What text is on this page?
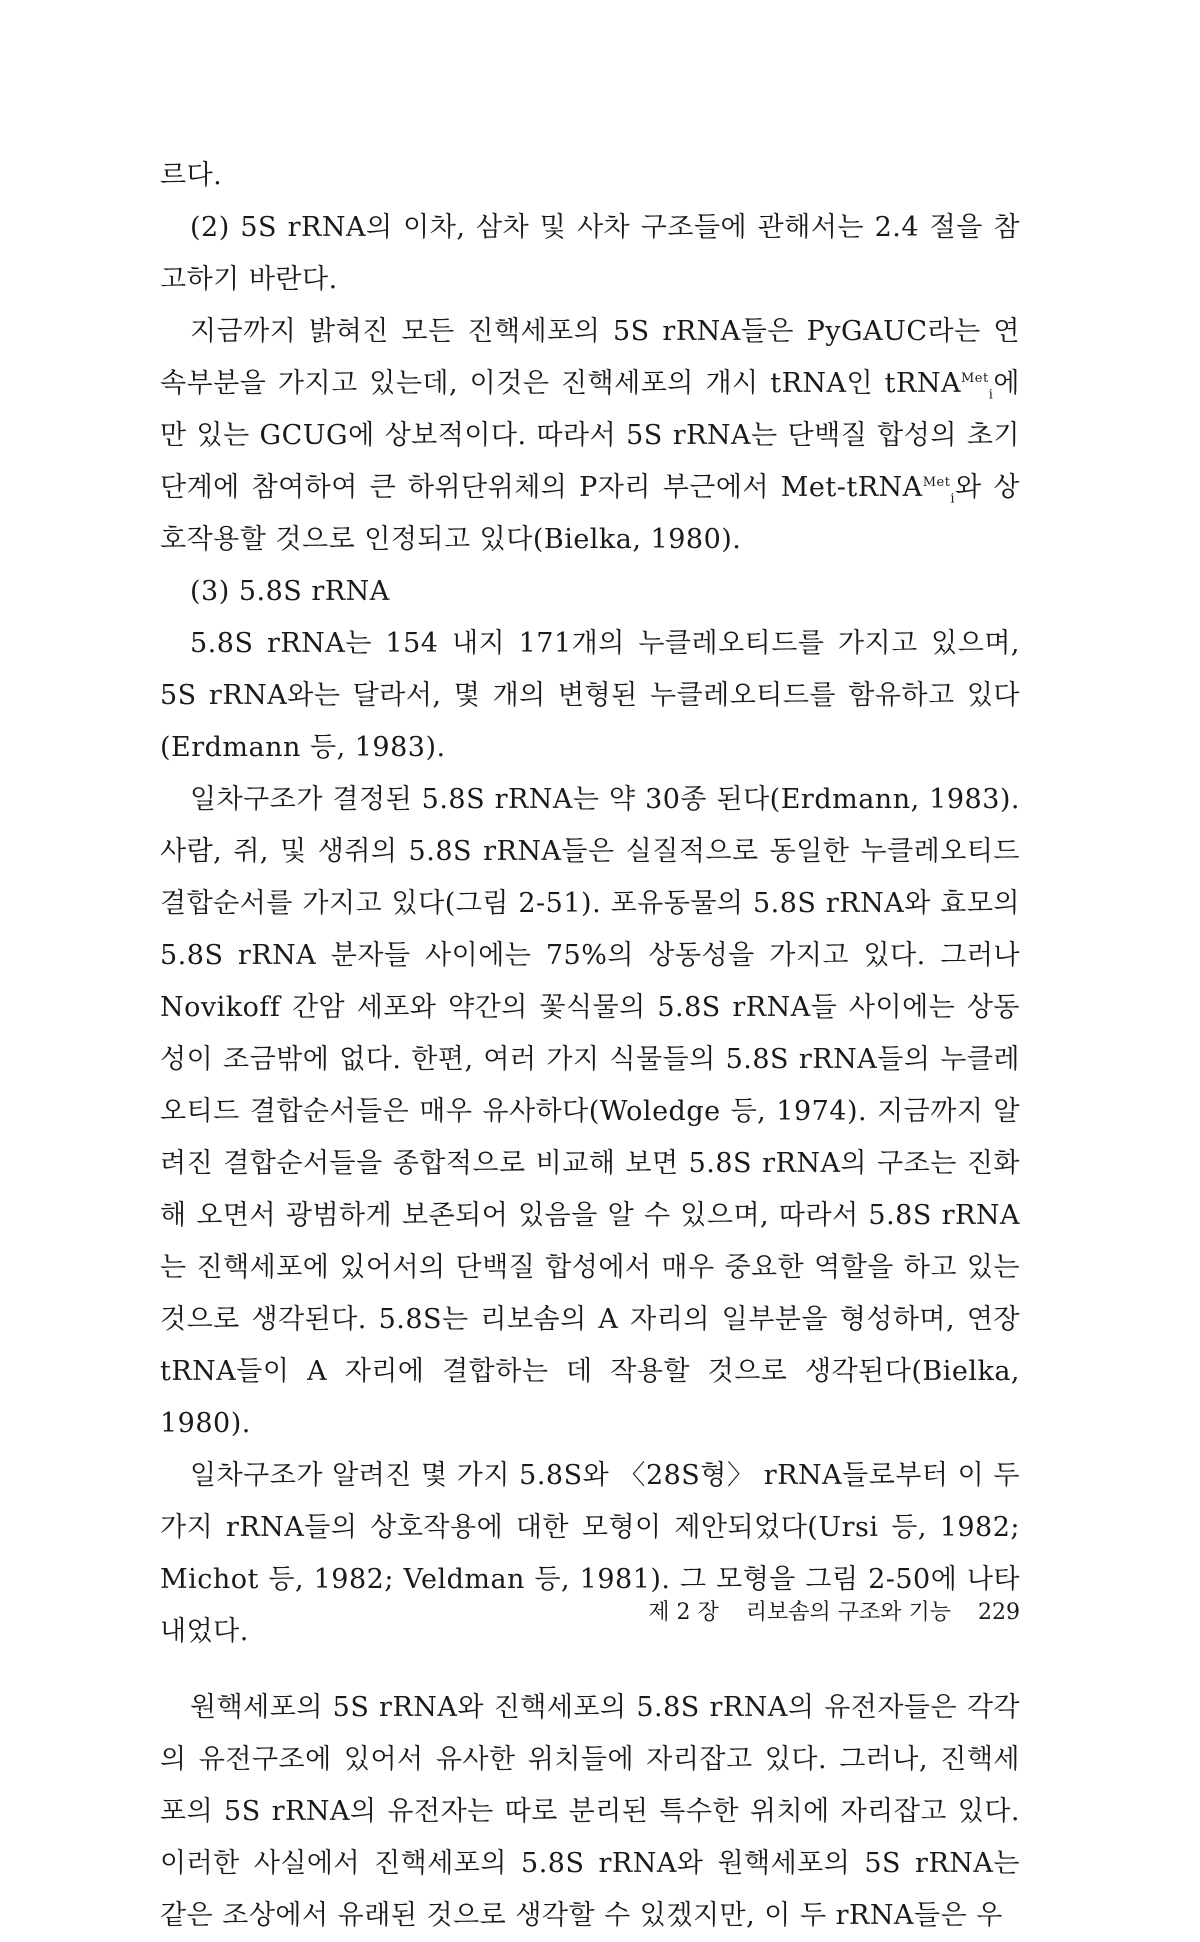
르다.

(2) 5S rRNA의 이차, 삼차 및 사차 구조들에 관해서는 2.4 절을 참고하기 바란다.

지금까지 밝혀진 모든 진핵세포의 5S rRNA들은 PyGAUC라는 연속부분을 가지고 있는데, 이것은 진핵세포의 개시 tRNA인 tRNA$^{Met}_i$에만 있는 GCUG에 상보적이다. 따라서 5S rRNA는 단백질 합성의 초기 단계에 참여하여 큰 하위단위체의 P자리 부근에서 Met-tRNA$^{Met}_i$와 상호작용할 것으로 인정되고 있다(Bielka, 1980).

(3) 5.8S rRNA

5.8S rRNA는 154 내지 171개의 누클레오티드를 가지고 있으며, 5S rRNA와는 달라서, 몇 개의 변형된 누클레오티드를 함유하고 있다 (Erdmann 등, 1983).

일차구조가 결정된 5.8S rRNA는 약 30종 된다(Erdmann, 1983). 사람, 쥐, 및 생쥐의 5.8S rRNA들은 실질적으로 동일한 누클레오티드 결합순서를 가지고 있다(그림 2-51). 포유동물의 5.8S rRNA와 효모의 5.8S rRNA 분자들 사이에는 75%의 상동성을 가지고 있다. 그러나 Novikoff 간암 세포와 약간의 꽃식물의 5.8S rRNA들 사이에는 상동성이 조금밖에 없다. 한편, 여러 가지 식물들의 5.8S rRNA들의 누클레오티드 결합순서들은 매우 유사하다(Woledge 등, 1974). 지금까지 알려진 결합순서들을 종합적으로 비교해 보면 5.8S rRNA의 구조는 진화해 오면서 광범하게 보존되어 있음을 알 수 있으며, 따라서 5.8S rRNA는 진핵세포에 있어서의 단백질 합성에서 매우 중요한 역할을 하고 있는 것으로 생각된다. 5.8S는 리보솜의 A 자리의 일부분을 형성하며, 연장 tRNA들이 A 자리에 결합하는 데 작용할 것으로 생각된다(Bielka, 1980).

일차구조가 알려진 몇 가지 5.8S와 〈28S형〉 rRNA들로부터 이 두 가지 rRNA들의 상호작용에 대한 모형이 제안되었다(Ursi 등, 1982; Michot 등, 1982; Veldman 등, 1981). 그 모형을 그림 2-50에 나타내었다.

원핵세포의 5S rRNA와 진핵세포의 5.8S rRNA의 유전자들은 각각의 유전구조에 있어서 유사한 위치들에 자리잡고 있다. 그러나, 진핵세포의 5S rRNA의 유전자는 따로 분리된 특수한 위치에 자리잡고 있다. 이러한 사실에서 진핵세포의 5.8S rRNA와 원핵세포의 5S rRNA는 같은 조상에서 유래된 것으로 생각할 수 있겠지만, 이 두 rRNA들은 우

제 2 장 리보솜의 구조와 기능 229
